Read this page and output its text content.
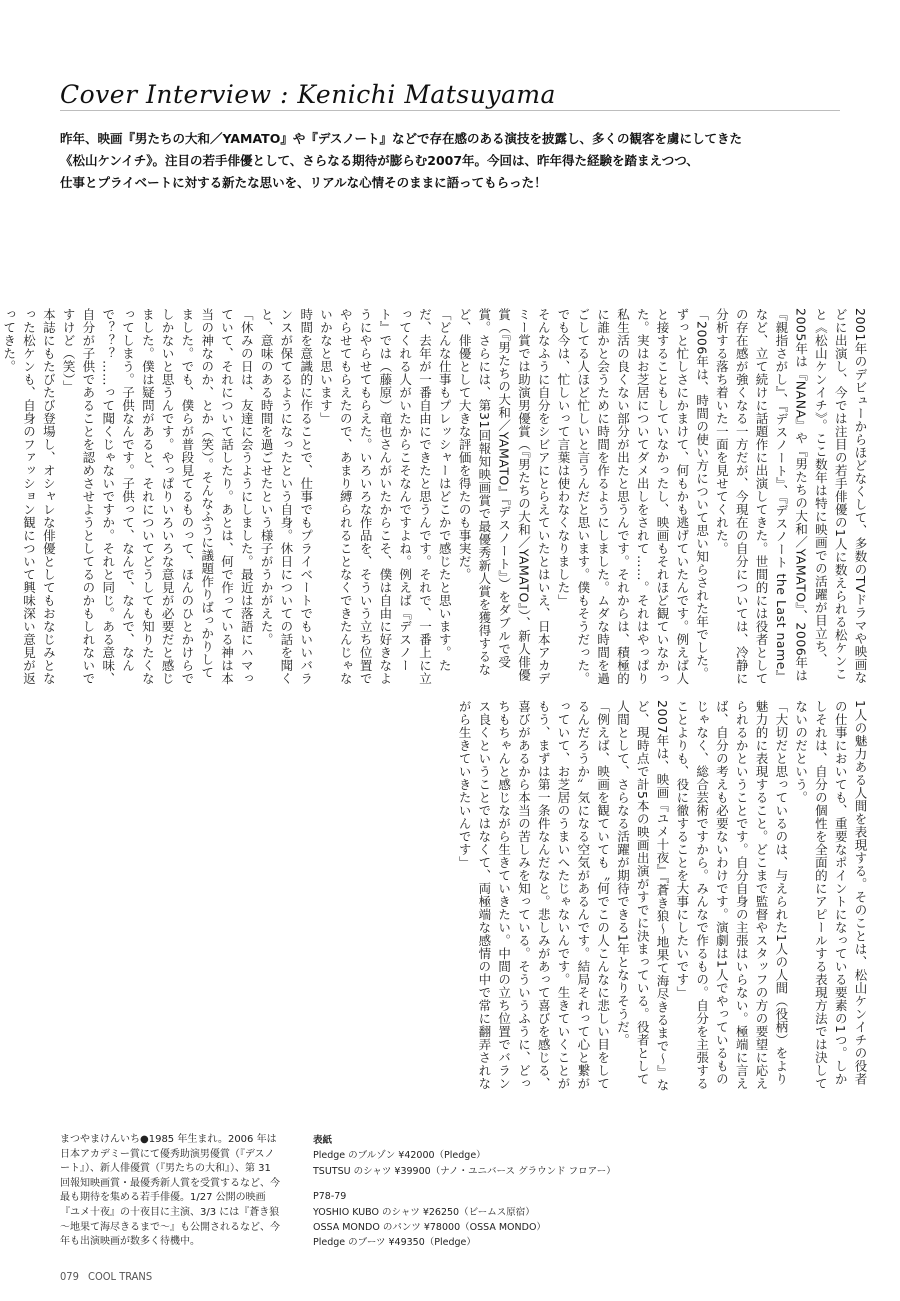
Cover Interview : Kenichi Matsuyama
昨年、映画『男たちの大和／YAMATO』や『デスノート』などで存在感のある演技を披露し、多くの観客を虜にしてきた
《松山ケンイチ》。注目の若手俳優として、さらなる期待が膨らむ2007年。今回は、昨年得た経験を踏まえつつ、
仕事とプライベートに対する新たな思いを、リアルな心情そのままに語ってもらった！

2001年のデビューからほどなくして、多数のTVドラマや映画などに出演し、今では注目の若手俳優の1人に数えられる松ケンこと《松山ケンイチ》。ここ数年は特に映画での活躍が目立ち、2005年は『NANA』や『男たちの大和／YAMATO』、2006年は『親指さがし』、『デスノート』、『デスノート the Last name』など、立て続けに話題作に出演してきた。世間的には役者としての存在感が強くなる一方だが、今現在の自分については、冷静に分析する落ち着いた一面を見せてくれた。

「2006年は、時間の使い方について思い知らされた年でした。ずっと忙しさにかまけて、何もかも逃げていたんです。例えば人と接することもしていなかったし、映画もそれほど観ていなかった。実はお芝居についてダメ出しをされて……。それはやっぱり私生活の良くない部分が出たと思うんです。それからは、積極的に誰かと会うために時間を作るようにしました。ムダな時間を過ごしてる人ほど忙しいと言うんだと思います。僕もそうだった。でも今は、忙しいって言葉は使わなくなりました」

そんなふうに自分をシビアにとらえていたとはいえ、日本アカデミー賞では助演男優賞（『男たちの大和／YAMATO』）、新人俳優賞（『男たちの大和／YAMATO』『デスノート』）をダブルで受賞。さらには、第31回報知映画賞で最優秀新人賞を獲得するなど、俳優として大きな評価を得たのも事実だ。

「どんな仕事もプレッシャーはどこかで感じたと思います。ただ、去年が一番自由にできたと思うんです。それで、一番上に立ってくれる人がいたからこそなんですよね。例えば『デスノート』では（藤原）竜也さんがいたからこそ、僕は自由に好きなようにやらせてもらえた。いろいろな作品を、そういう立ち位置でやらせてもらえたので、あまり縛られることなくできたんじゃないかなと思います」

時間を意識的に作ることで、仕事でもプライベートでもいいバランスが保てるようになったという自身。休日についての話を聞くと、意味のある時間を過ごせたという様子がうかがえた。

「休みの日は、友達に会うようにしました。最近は落語にハマっていて、それについて話したり。あとは、何で作っている神は本当の神なのか、とか（笑）。そんなふうに議題作りばっかりしてました。でも、僕らが普段見てるものって、ほんのひとかけらでしかないと思うんです。やっぱりいろいろな意見が必要だと感じました。僕は疑問があると、それについてどうしても知りたくなってしまう。子供なんです。子供って、なんで、なんで、なんで？？？……って聞くじゃないですか。それと同じ。ある意味、自分が子供であることを認めさせようとしてるのかもしれないですけど（笑）」

本誌にもたびたび登場し、オシャレな俳優としてもおなじみとなった松ケンも、自身のファッション観について興味深い意見が返ってきた。

1人の魅力ある人間を表現する。そのことは、松山ケンイチの役者の仕事においても、重要なポイントになっている要素の1つ。しかしそれは、自分の個性を全面的にアピールする表現方法では決してないのだという。

「大切だと思っているのは、与えられた1人の人間（役柄）をより魅力的に表現すること。どこまで監督やスタッフの方の要望に応えられるかということです。自分自身の主張はいらない。極端に言えば、自分の考えも必要ないわけです。演劇は1人でやっているものじゃなく、総合芸術ですから。みんなで作るもの。自分を主張することよりも、役に徹することを大事にしたいです」

2007年は、映画『ユメ十夜』『蒼き狼～地果て海尽きるまで～』など、現時点で計5本の映画出演がすでに決まっている。役者として人間として、さらなる活躍が期待できる1年となりそうだ。

「例えば、映画を観ていても〝何でこの人こんなに悲しい目をしてるんだろうか〟気になる空気があるんです。結局それって心と繋がっていて、お芝居のうまいへたじゃないんです。生きていくことがもう、まずは第一条件なんだなと。悲しみがあって喜びを感じる、喜びがあるから本当の苦しみを知っている。そういうふうに、どっちもちゃんと感じながら生きていきたい。中間の立ち位置でバランス良くということではなくて、両極端な感情の中で常に翻弄されながら生きていきたいんです」

まつやまけんいち●1985 年生まれ。2006 年は日本アカデミー賞にて優秀助演男優賞（『デスノート』）、新人俳優賞（『男たちの大和』）、第 31 回報知映画賞・最優秀新人賞を受賞するなど、今最も期待を集める若手俳優。1/27 公開の映画『ユメ十夜』の十夜目に主演、3/3 には『蒼き狼～地果て海尽きるまで～』も公開されるなど、今年も出演映画が数多く待機中。
表紙
Pledge のブルゾン ¥42000（Pledge）
TSUTSU のシャツ ¥39900（ナノ・ユニバース グラウンド フロアー）
P78-79
YOSHIO KUBO のシャツ ¥26250（ビームス原宿）
OSSA MONDO のパンツ ¥78000（OSSA MONDO）
Pledge のブーツ ¥49350（Pledge）
079 COOL TRANS
